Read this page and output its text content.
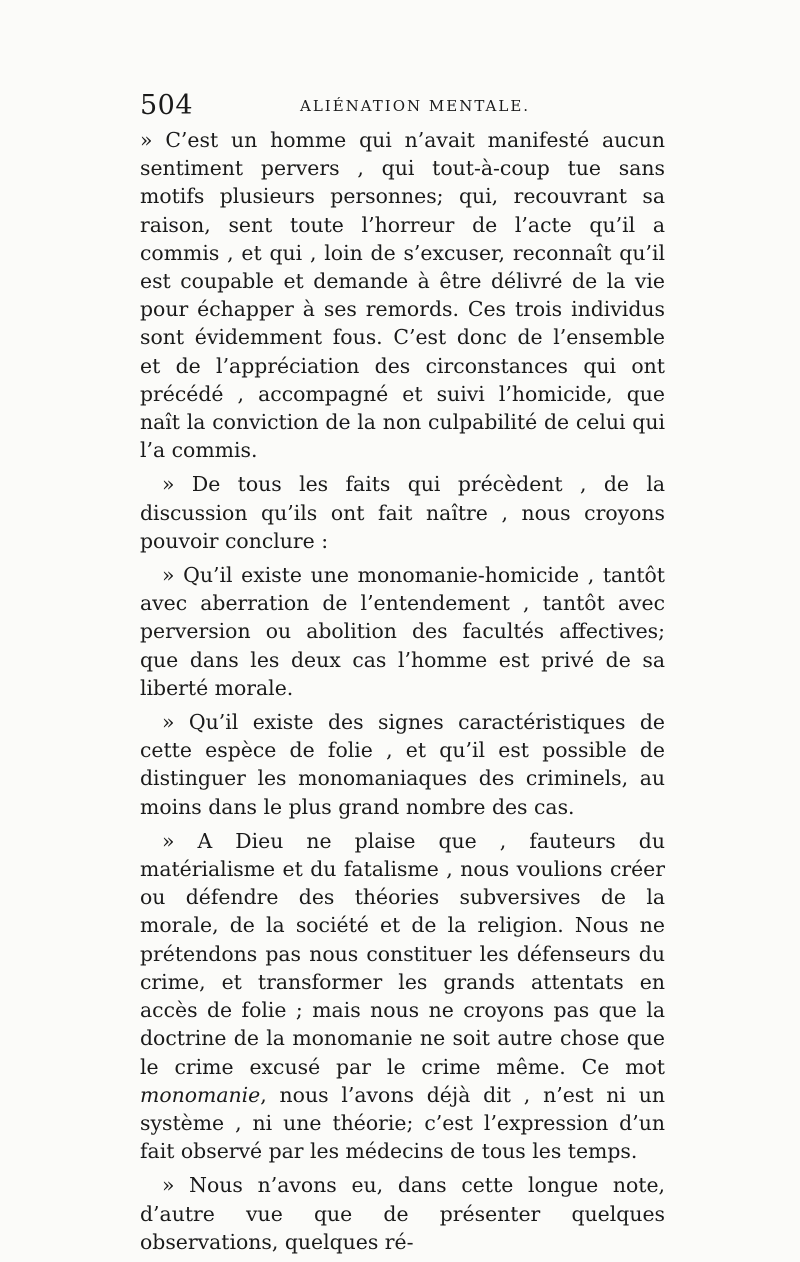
504	ALIÉNATION MENTALE.

» C’est un homme qui n’avait manifesté aucun sentiment pervers , qui tout-à-coup tue sans motifs plusieurs personnes; qui, recouvrant sa raison, sent toute l’horreur de l’acte qu’il a commis , et qui , loin de s’excuser, reconnaît qu’il est coupable et demande à être délivré de la vie pour échapper à ses remords. Ces trois individus sont évidemment fous. C’est donc de l’ensemble et de l’appréciation des circonstances qui ont précédé , accompagné et suivi l’homicide, que naît la conviction de la non culpabilité de celui qui l’a commis.

» De tous les faits qui précèdent , de la discussion qu’ils ont fait naître , nous croyons pouvoir conclure :

» Qu’il existe une monomanie-homicide , tantôt avec aberration de l’entendement , tantôt avec perversion ou abolition des facultés affectives; que dans les deux cas l’homme est privé de sa liberté morale.

» Qu’il existe des signes caractéristiques de cette espèce de folie , et qu’il est possible de distinguer les monomaniaques des criminels, au moins dans le plus grand nombre des cas.

» A Dieu ne plaise que , fauteurs du matérialisme et du fatalisme , nous voulions créer ou défendre des théories subversives de la morale, de la société et de la religion. Nous ne prétendons pas nous constituer les défenseurs du crime, et transformer les grands attentats en accès de folie ; mais nous ne croyons pas que la doctrine de la monomanie ne soit autre chose que le crime excusé par le crime même. Ce mot monomanie, nous l’avons déjà dit , n’est ni un système , ni une théorie; c’est l’expression d’un fait observé par les médecins de tous les temps.

» Nous n’avons eu, dans cette longue note, d’autre vue que de présenter quelques observations, quelques ré-
